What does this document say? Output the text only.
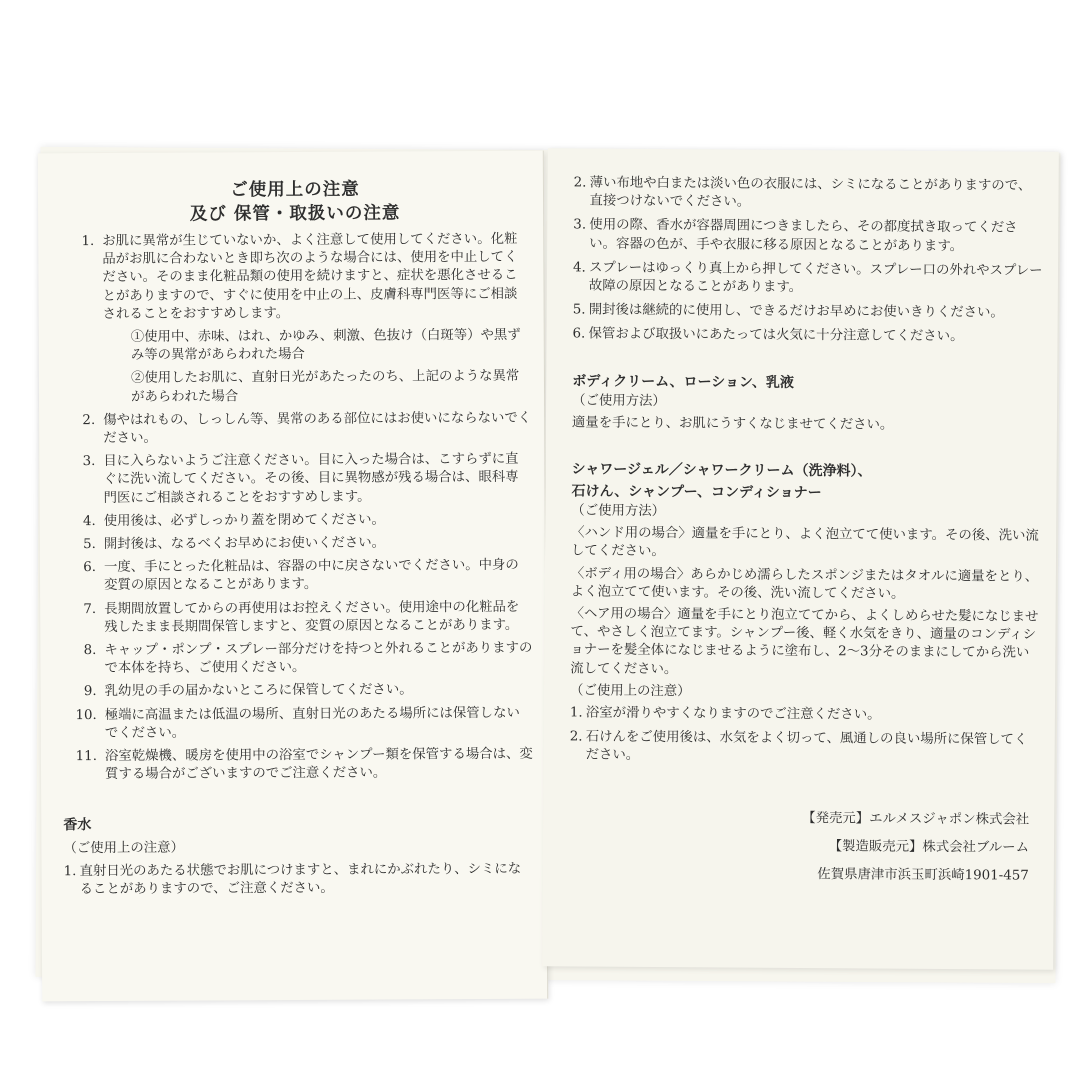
ご使用上の注意
及び 保管・取扱いの注意
1. お肌に異常が生じていないか、よく注意して使用してください。化粧品がお肌に合わないとき即ち次のような場合には、使用を中止してください。そのまま化粧品類の使用を続けますと、症状を悪化させることがありますので、すぐに使用を中止の上、皮膚科専門医等にご相談されることをおすすめします。
①使用中、赤味、はれ、かゆみ、刺激、色抜け（白斑等）や黒ずみ等の異常があらわれた場合
②使用したお肌に、直射日光があたったのち、上記のような異常があらわれた場合
2. 傷やはれもの、しっしん等、異常のある部位にはお使いにならないでください。
3. 目に入らないようご注意ください。目に入った場合は、こすらずに直ぐに洗い流してください。その後、目に異物感が残る場合は、眼科専門医にご相談されることをおすすめします。
4. 使用後は、必ずしっかり蓋を閉めてください。
5. 開封後は、なるべくお早めにお使いください。
6. 一度、手にとった化粧品は、容器の中に戻さないでください。中身の変質の原因となることがあります。
7. 長期間放置してからの再使用はお控えください。使用途中の化粧品を残したまま長期間保管しますと、変質の原因となることがあります。
8. キャップ・ポンプ・スプレー部分だけを持つと外れることがありますので本体を持ち、ご使用ください。
9. 乳幼児の手の届かないところに保管してください。
10. 極端に高温または低温の場所、直射日光のあたる場所には保管しないでください。
11. 浴室乾燥機、暖房を使用中の浴室でシャンプー類を保管する場合は、変質する場合がございますのでご注意ください。
香水
（ご使用上の注意）
1. 直射日光のあたる状態でお肌につけますと、まれにかぶれたり、シミになることがありますので、ご注意ください。
2. 薄い布地や白または淡い色の衣服には、シミになることがありますので、直接つけないでください。
3. 使用の際、香水が容器周囲につきましたら、その都度拭き取ってください。容器の色が、手や衣服に移る原因となることがあります。
4. スプレーはゆっくり真上から押してください。スプレー口の外れやスプレー故障の原因となることがあります。
5. 開封後は継続的に使用し、できるだけお早めにお使いきりください。
6. 保管および取扱いにあたっては火気に十分注意してください。
ボディクリーム、ローション、乳液
（ご使用方法）
適量を手にとり、お肌にうすくなじませてください。
シャワージェル／シャワークリーム（洗浄料）、
石けん、シャンプー、コンディショナー
（ご使用方法）
〈ハンド用の場合〉適量を手にとり、よく泡立てて使います。その後、洗い流してください。
〈ボディ用の場合〉あらかじめ濡らしたスポンジまたはタオルに適量をとり、よく泡立てて使います。その後、洗い流してください。
〈ヘア用の場合〉適量を手にとり泡立ててから、よくしめらせた髪になじませて、やさしく泡立てます。シャンプー後、軽く水気をきり、適量のコンディショナーを髪全体になじませるように塗布し、2〜3分そのままにしてから洗い流してください。
（ご使用上の注意）
1. 浴室が滑りやすくなりますのでご注意ください。
2. 石けんをご使用後は、水気をよく切って、風通しの良い場所に保管してください。
【発売元】エルメスジャポン株式会社
【製造販売元】株式会社ブルーム
佐賀県唐津市浜玉町浜崎1901-457
